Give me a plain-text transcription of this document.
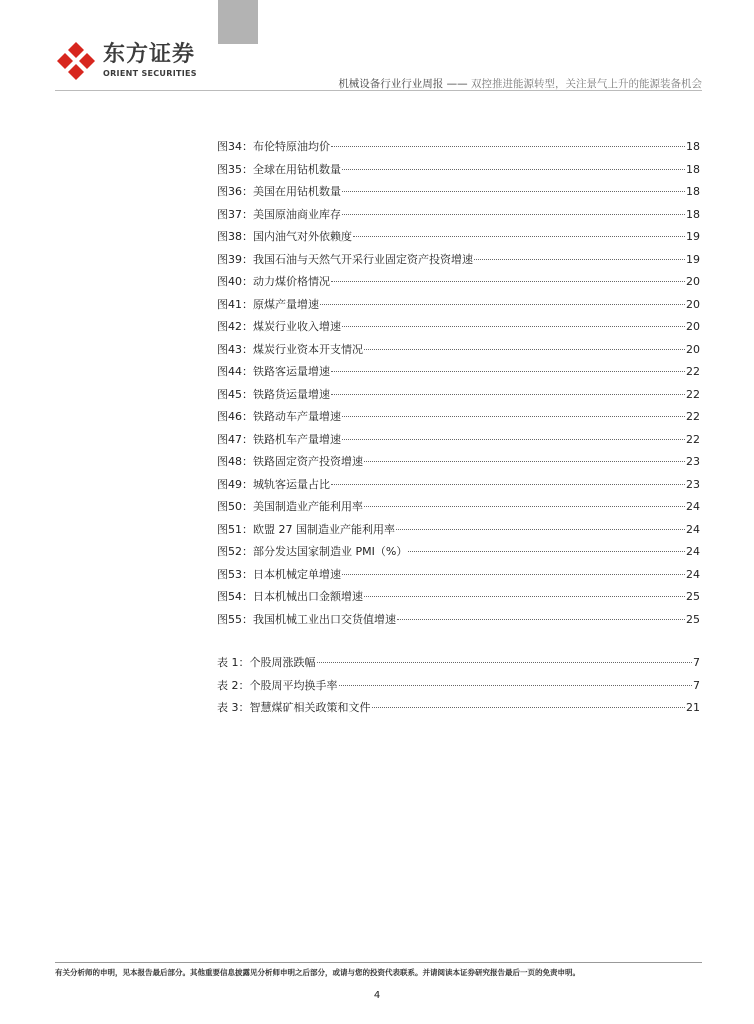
东方证券
ORIENT SECURITIES
机械设备行业行业周报 —— 双控推进能源转型，关注景气上升的能源装备机会
图34：布伦特原油均价	18
图35：全球在用钻机数量	18
图36：美国在用钻机数量	18
图37：美国原油商业库存	18
图38：国内油气对外依赖度	19
图39：我国石油与天然气开采行业固定资产投资增速	19
图40：动力煤价格情况	20
图41：原煤产量增速	20
图42：煤炭行业收入增速	20
图43：煤炭行业资本开支情况	20
图44：铁路客运量增速	22
图45：铁路货运量增速	22
图46：铁路动车产量增速	22
图47：铁路机车产量增速	22
图48：铁路固定资产投资增速	23
图49：城轨客运量占比	23
图50：美国制造业产能利用率	24
图51：欧盟 27 国制造业产能利用率	24
图52：部分发达国家制造业 PMI（%）	24
图53：日本机械定单增速	24
图54：日本机械出口金额增速	25
图55：我国机械工业出口交货值增速	25
表 1：个股周涨跌幅	7
表 2：个股周平均换手率	7
表 3：智慧煤矿相关政策和文件	21
有关分析师的申明，见本报告最后部分。其他重要信息披露见分析师申明之后部分，或请与您的投资代表联系。并请阅读本证券研究报告最后一页的免责申明。
4
